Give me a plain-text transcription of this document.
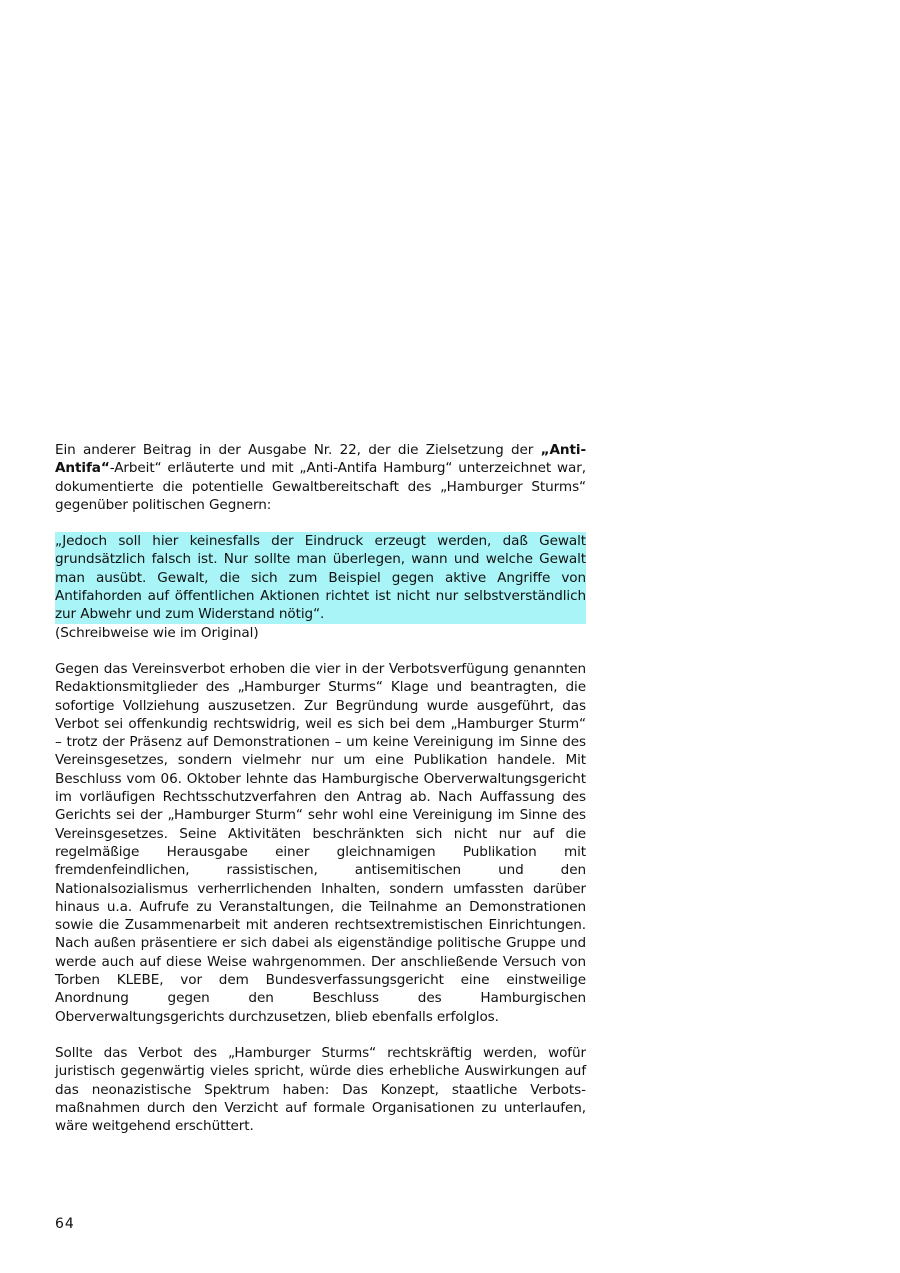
Ein anderer Beitrag in der Ausgabe Nr. 22, der die Zielsetzung der „Anti-Antifa“-Arbeit“ erläuterte und mit „Anti-Antifa Hamburg“ unterzeichnet war, dokumentierte die potentielle Gewaltbereitschaft des „Hamburger Sturms“ gegenüber politischen Gegnern:

„Jedoch soll hier keinesfalls der Eindruck erzeugt werden, daß Gewalt grundsätzlich falsch ist. Nur sollte man überlegen, wann und welche Gewalt man ausübt. Gewalt, die sich zum Beispiel gegen aktive Angriffe von Antifahorden auf öffentlichen Aktionen richtet ist nicht nur selbstverständlich zur Abwehr und zum Widerstand nötig“.

(Schreibweise wie im Original)

Gegen das Vereinsverbot erhoben die vier in der Verbotsverfügung genannten Redaktionsmitglieder des „Hamburger Sturms“ Klage und beantragten, die sofortige Vollziehung auszusetzen. Zur Begründung wurde ausgeführt, das Verbot sei offenkundig rechtswidrig, weil es sich bei dem „Hamburger Sturm“ – trotz der Präsenz auf Demonstrationen – um keine Vereinigung im Sinne des Vereinsgesetzes, sondern vielmehr nur um eine Publikation handele. Mit Beschluss vom 06. Oktober lehnte das Hamburgische Oberverwaltungsgericht im vorläufigen Rechtsschutzverfahren den Antrag ab. Nach Auffassung des Gerichts sei der „Hamburger Sturm“ sehr wohl eine Vereinigung im Sinne des Vereinsgesetzes. Seine Aktivitäten beschränkten sich nicht nur auf die regelmäßige Herausgabe einer gleichnamigen Publikation mit fremdenfeindlichen, rassistischen, antisemitischen und den Nationalsozialismus verherrlichenden Inhalten, sondern umfassten darüber hinaus u.a. Aufrufe zu Veranstaltungen, die Teilnahme an Demonstrationen sowie die Zusammenarbeit mit anderen rechtsextremistischen Einrichtungen. Nach außen präsentiere er sich dabei als eigenständige politische Gruppe und werde auch auf diese Weise wahrgenommen. Der anschließende Versuch von Torben KLEBE, vor dem Bundesverfassungsgericht eine einstweilige Anordnung gegen den Beschluss des Hamburgischen Oberverwaltungsgerichts durchzusetzen, blieb ebenfalls erfolglos.

Sollte das Verbot des „Hamburger Sturms“ rechtskräftig werden, wofür juristisch gegenwärtig vieles spricht, würde dies erhebliche Auswirkungen auf das neonazistische Spektrum haben: Das Konzept, staatliche Verbotsmaßnahmen durch den Verzicht auf formale Organisationen zu unterlaufen, wäre weitgehend erschüttert.

64
